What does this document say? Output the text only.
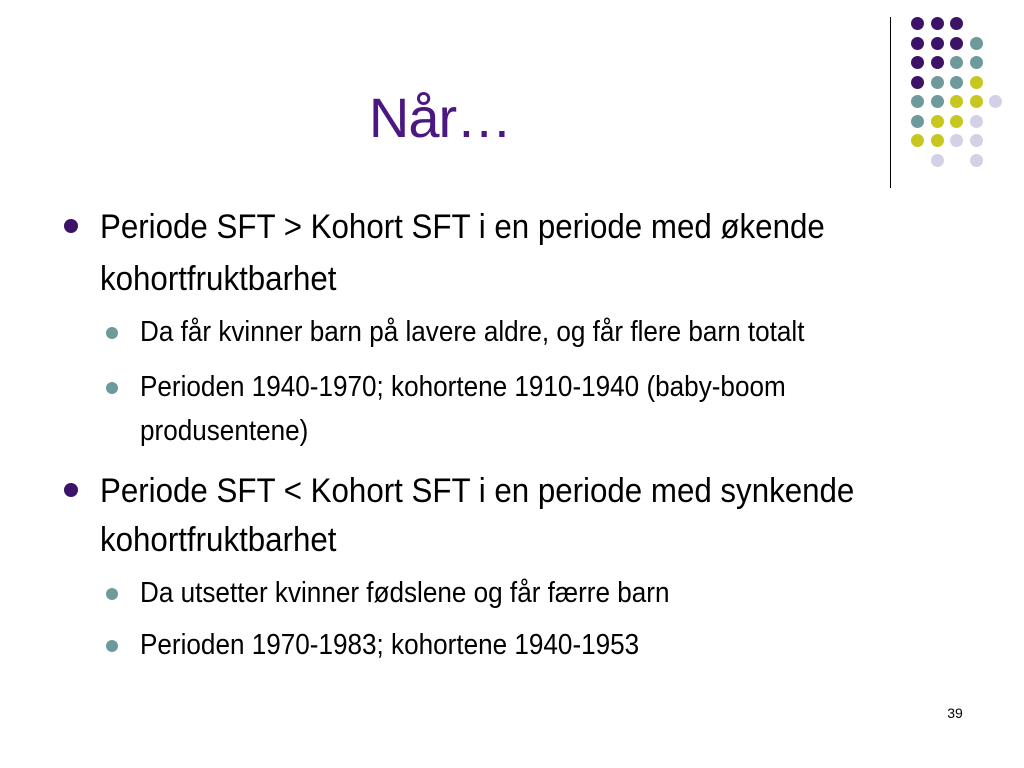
Når…
Periode SFT > Kohort SFT i en periode med økende
kohortfruktbarhet
Da får kvinner barn på lavere aldre, og får flere barn totalt
Perioden 1940-1970; kohortene 1910-1940 (baby-boom
produsentene)
Periode SFT < Kohort SFT i en periode med synkende
kohortfruktbarhet
Da utsetter kvinner fødslene og får færre barn
Perioden 1970-1983; kohortene 1940-1953
39
